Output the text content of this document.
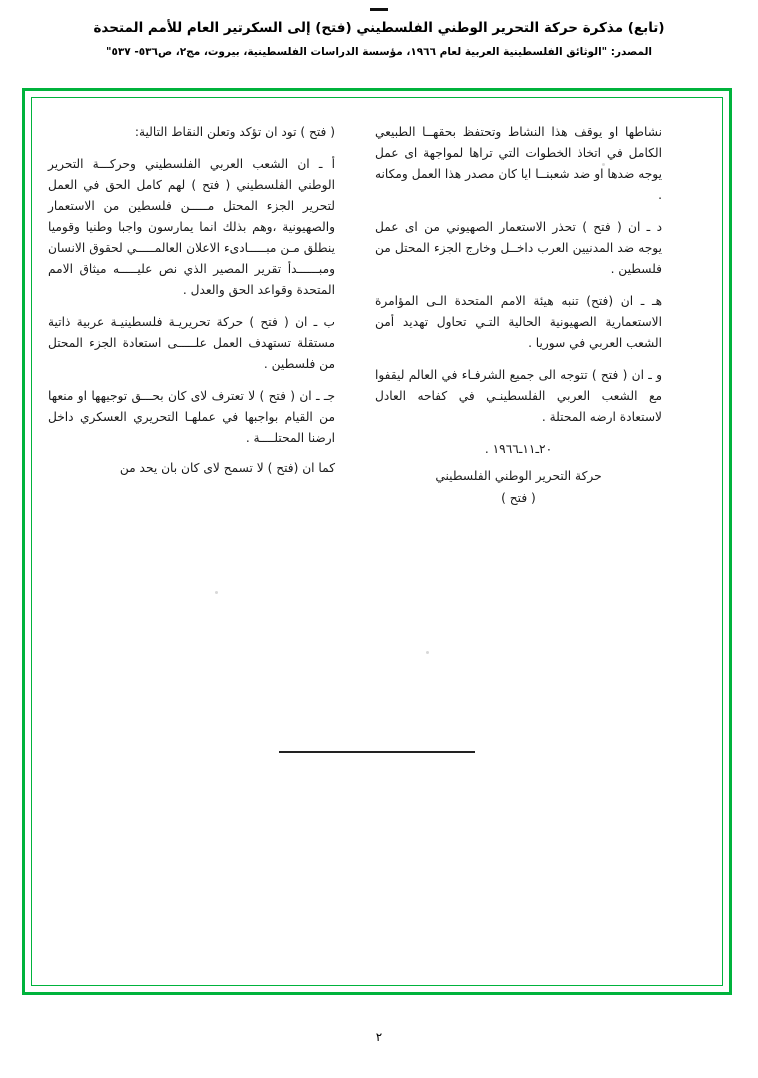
(تابع) مذكرة حركة التحرير الوطني الفلسطيني (فتح) إلى السكرتير العام للأمم المتحدة
المصدر: "الوثائق الفلسطينية العربية لعام ١٩٦٦، مؤسسة الدراسات الفلسطينية، بيروت، مج٢، ص٥٣٦- ٥٣٧"

( فتح ) تود ان تؤكد وتعلن النقاط التالية:

أ ـ ان الشعب العربي الفلسطيني وحركـــة التحرير الوطني الفلسطيني ( فتح ) لهم كامل الحق في العمل لتحرير الجزء المحتل مـــــن فلسطين من الاستعمار والصهيونية ،وهم بذلك انما يمارسون واجبا وطنيا وقوميا ينطلق مـن مبـــــادىء الاعلان العالمـــــي لحقوق الانسان ومبــــــدأ تقرير المصير الذي نص عليـــــه ميثاق الامم المتحدة وقواعد الحق والعدل .

ب ـ ان ( فتح ) حركة تحريريـة فلسطينيـة عربية ذاتية مستقلة تستهدف العمل علـــــى استعادة الجزء المحتل من فلسطين .

جـ ـ ان ( فتح ) لا تعترف لاى كان بحـــق توجيهها او منعها من القيام بواجبها في عملهـا التحريري العسكري داخل ارضنا المحتلــــة .

كما ان (فتح ) لا تسمح لاى كان بان يحد من

نشاطها او يوقف هذا النشاط وتحتفظ بحقهــا الطبيعي الكامل في اتخاذ الخطوات التي تراها لمواجهة اى عمل يوجه ضدها او ضد شعبنــا ايا كان مصدر هذا العمل ومكانه .

د ـ ان ( فتح ) تحذر الاستعمار الصهيوني من اى عمل يوجه ضد المدنيين العرب داخــل وخارج الجزء المحتل من فلسطين .

هـ ـ ان (فتح) تنبه هيئة الامم المتحدة الـى المؤامرة الاستعمارية الصهيونية الحالية التـي تحاول تهديد أمن الشعب العربي في سوريا .

و ـ ان ( فتح ) تتوجه الى جميع الشرفـاء في العالم ليقفوا مع الشعب العربي الفلسطينـي في كفاحه العادل لاستعادة ارضه المحتلة .

٢٠ـ١١ـ١٩٦٦ .
حركة التحرير الوطني الفلسطيني
( فتح )
٢
